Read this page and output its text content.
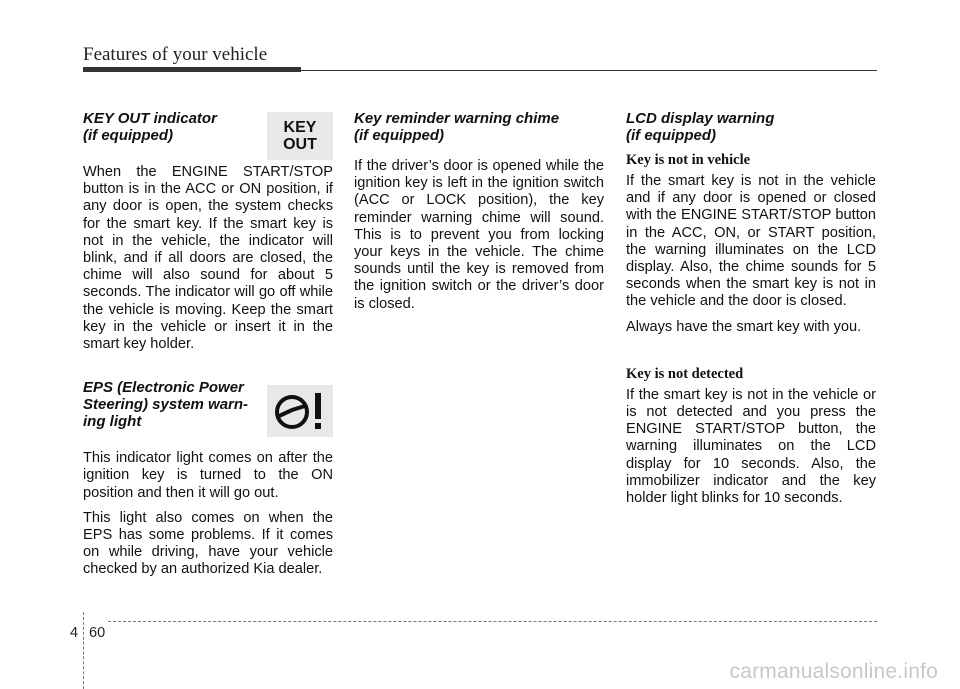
Features of your vehicle
KEY OUT indicator
(if equipped)

When the ENGINE START/STOP button is in the ACC or ON position, if any door is open, the system checks for the smart key. If the smart key is not in the vehicle, the indicator will blink, and if all doors are closed, the chime will also sound for about 5 seconds. The indicator will go off while the vehicle is moving. Keep the smart key in the vehicle or insert it in the smart key holder.

EPS (Electronic Power
Steering) system warn-
ing light

This indicator light comes on after the ignition key is turned to the ON position and then it will go out.

This light also comes on when the EPS has some problems. If it comes on while driving, have your vehicle checked by an authorized Kia dealer.

KEY
OUT
Key reminder warning chime
(if equipped)

If the driver’s door is opened while the ignition key is left in the ignition switch (ACC or LOCK position), the key reminder warning chime will sound. This is to prevent you from locking your keys in the vehicle. The chime sounds until the key is removed from the ignition switch or the driver’s door is closed.

LCD display warning
(if equipped)
Key is not in vehicle

If the smart key is not in the vehicle and if any door is opened or closed with the ENGINE START/STOP button in the ACC, ON, or START position, the warning illuminates on the LCD display. Also, the chime sounds for 5 seconds when the smart key is not in the vehicle and the door is closed.

Always have the smart key with you.

Key is not detected

If the smart key is not in the vehicle or is not detected and you press the ENGINE START/STOP button, the warning illuminates on the LCD display for 10 seconds. Also, the immobilizer indicator and the key holder light blinks for 10 seconds.

4 60
carmanualsonline.info
